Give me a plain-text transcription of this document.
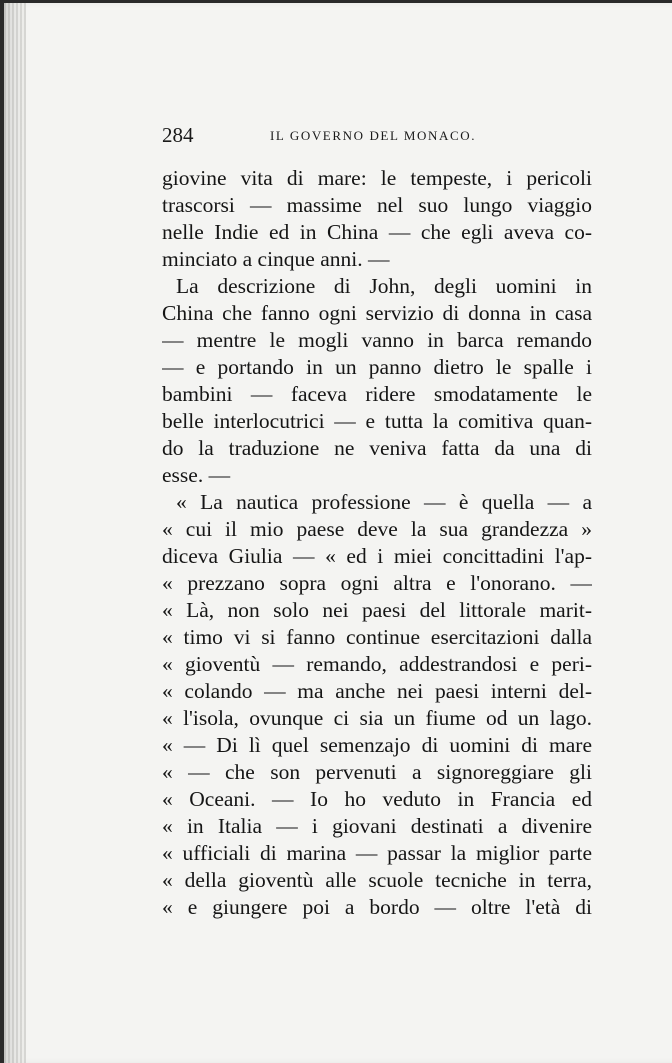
284	IL GOVERNO DEL MONACO.
giovine vita di mare: le tempeste, i pericoli
trascorsi — massime nel suo lungo viaggio
nelle Indie ed in China — che egli aveva co-
minciato a cinque anni. —
La descrizione di John, degli uomini in
China che fanno ogni servizio di donna in casa
— mentre le mogli vanno in barca remando
— e portando in un panno dietro le spalle i
bambini — faceva ridere smodatamente le
belle interlocutrici — e tutta la comitiva quan-
do la traduzione ne veniva fatta da una di
esse. —
« La nautica professione — è quella — a
« cui il mio paese deve la sua grandezza »
diceva Giulia — « ed i miei concittadini l'ap-
« prezzano sopra ogni altra e l'onorano. —
« Là, non solo nei paesi del littorale marit-
« timo vi si fanno continue esercitazioni dalla
« gioventù — remando, addestrandosi e peri-
« colando — ma anche nei paesi interni del-
« l'isola, ovunque ci sia un fiume od un lago.
« — Di lì quel semenzajo di uomini di mare
« — che son pervenuti a signoreggiare gli
« Oceani. — Io ho veduto in Francia ed
« in Italia — i giovani destinati a divenire
« ufficiali di marina — passar la miglior parte
« della gioventù alle scuole tecniche in terra,
« e giungere poi a bordo — oltre l'età di
